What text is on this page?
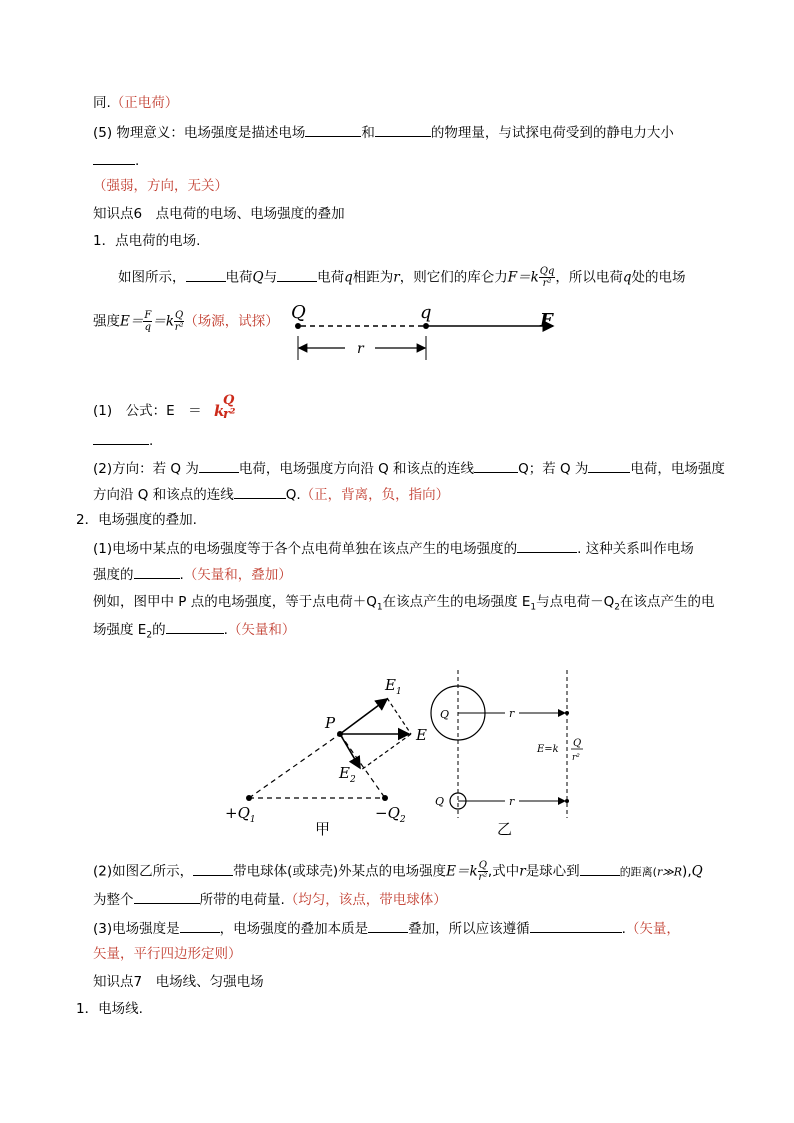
同.（正电荷）
(5) 物理意义：电场强度是描述电场	和	的物理量，与试探电荷受到的静电力大小
.
（强弱，方向，无关）
知识点6　点电荷的电场、电场强度的叠加
1．点电荷的电场.
如图所示，	电荷Q与	电荷q相距为r，则它们的库仑力$F=k \frac{Qq}{\text{r²}}$ ，所以电荷q处的电场
强度$E= \frac{F}{q} =k \frac{Q}{\text{r²}}$ （场源，试探） Q	q	F
r
(1)　公式：E　＝ k
Q
r²
.
(2)方向：若 Q 为	电荷，电场强度方向沿 Q 和该点的连线	Q；若 Q 为	电荷，电场强度
方向沿 Q 和该点的连线	Q.（正，背离，负，指向）
2．电场强度的叠加.
(1)电场中某点的电场强度等于各个点电荷单独在该点产生的电场强度的	. 这种关系叫作电场
强度的	.（矢量和，叠加）
例如，图甲中 P 点的电场强度，等于点电荷$+Q_1$在该点产生的电场强度 $E_1$与点电荷$-Q_2$在该点产生的电
场强度 $E_2$的	.（矢量和）
$E_1$
E
$E_2$
P
$+Q_1$	$-Q_2$
甲
Q
Q
r
r
E=k
Q
r²
乙
(2)如图乙所示，	带电球体(或球壳)外某点的电场强度$E=k \frac{Q}{\text{r²}}$ ,式中r是球心到	的距离(r≫R),Q
为整个	所带的电荷量.（均匀，该点，带电球体）
(3)电场强度是	，电场强度的叠加本质是	叠加，所以应该遵循	.（矢量，
矢量，平行四边形定则）
知识点7　电场线、匀强电场
1．电场线.
